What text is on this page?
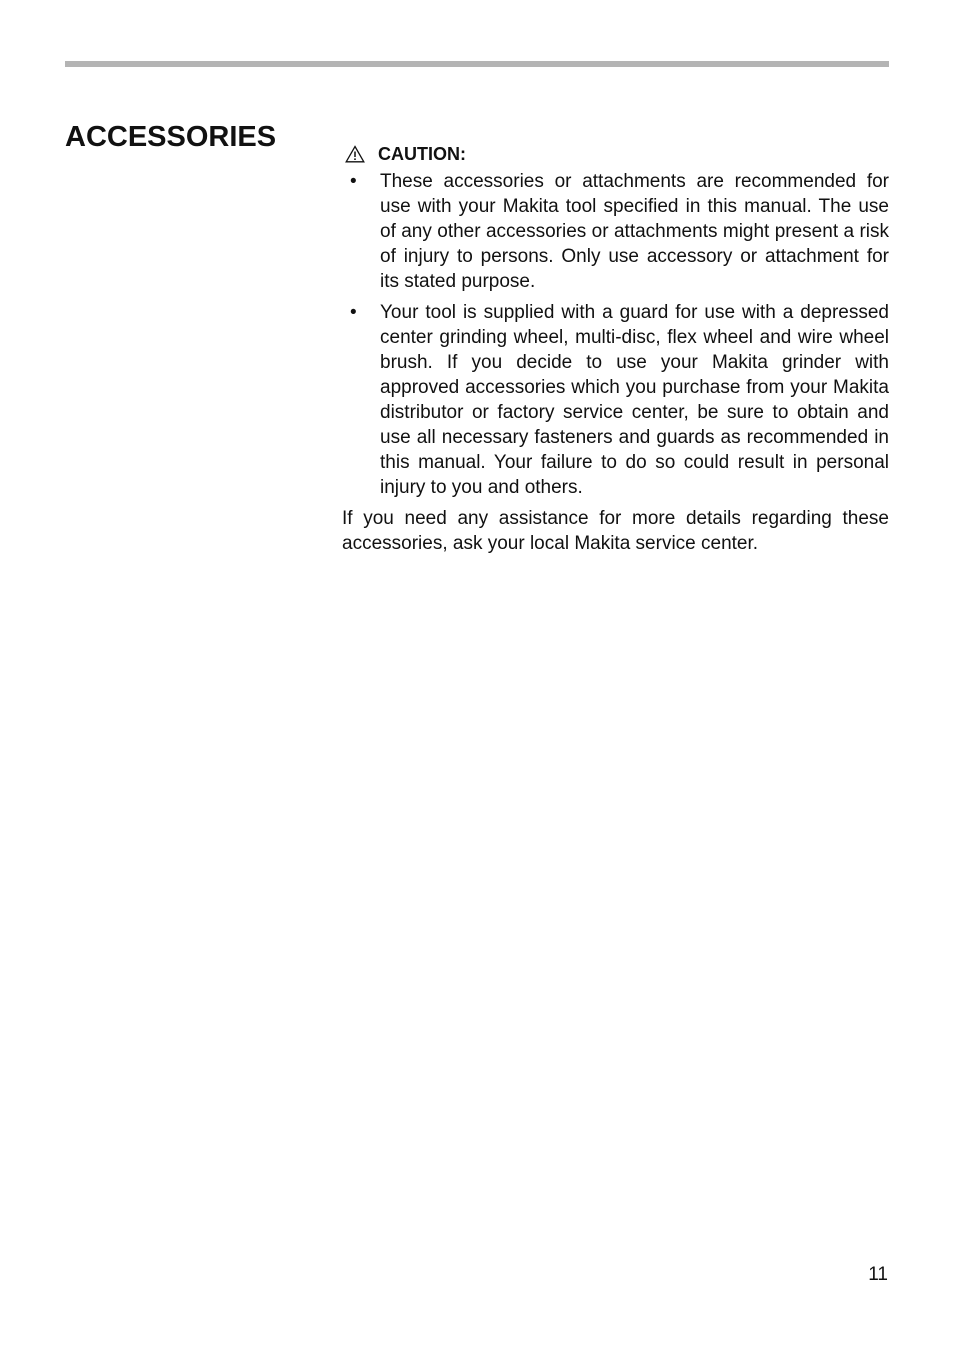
ACCESSORIES
CAUTION:
• These accessories or attachments are recommended for use with your Makita tool specified in this manual. The use of any other accessories or attachments might present a risk of injury to persons. Only use accessory or attachment for its stated purpose.
• Your tool is supplied with a guard for use with a depressed center grinding wheel, multi-disc, flex wheel and wire wheel brush. If you decide to use your Makita grinder with approved accessories which you purchase from your Makita distributor or factory service center, be sure to obtain and use all necessary fasteners and guards as recommended in this manual. Your failure to do so could result in personal injury to you and others.

If you need any assistance for more details regarding these accessories, ask your local Makita service center.

11
